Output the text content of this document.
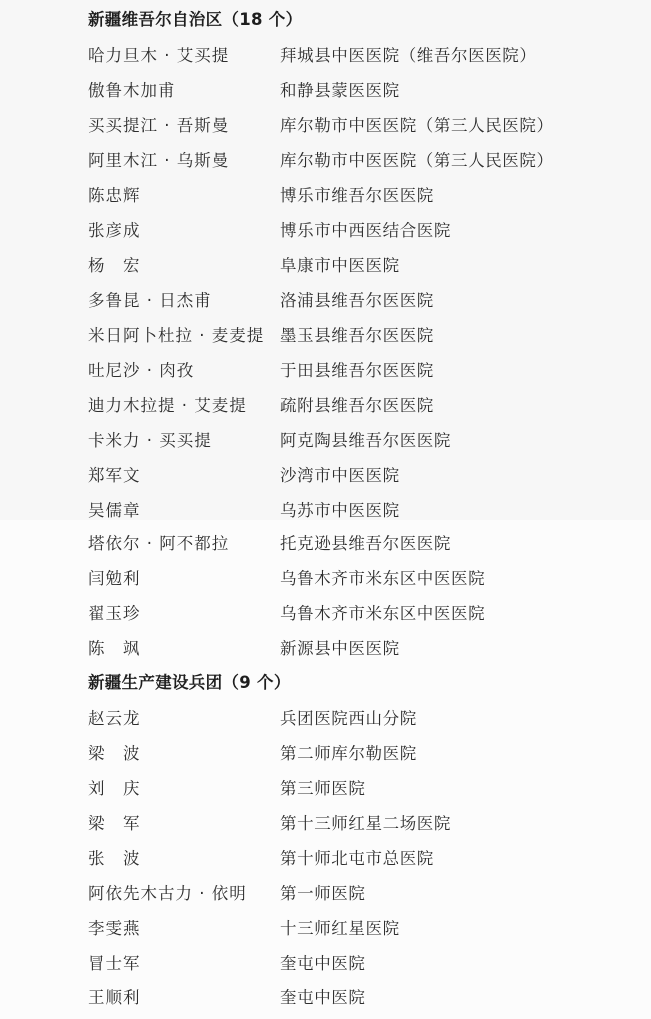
新疆维吾尔自治区（18 个）
哈力旦木 · 艾买提	拜城县中医医院（维吾尔医医院）
傲鲁木加甫	和静县蒙医医院
买买提江 · 吾斯曼	库尔勒市中医医院（第三人民医院）
阿里木江 · 乌斯曼	库尔勒市中医医院（第三人民医院）
陈忠辉	博乐市维吾尔医医院
张彦成	博乐市中西医结合医院
杨　宏	阜康市中医医院
多鲁昆 · 日杰甫	洛浦县维吾尔医医院
米日阿卜杜拉 · 麦麦提 墨玉县维吾尔医医院
吐尼沙 · 肉孜	于田县维吾尔医医院
迪力木拉提 · 艾麦提 疏附县维吾尔医医院
卡米力 · 买买提	阿克陶县维吾尔医医院
郑军文	沙湾市中医医院
吴儒章	乌苏市中医医院
塔依尔 · 阿不都拉	托克逊县维吾尔医医院
闫勉利	乌鲁木齐市米东区中医医院
翟玉珍	乌鲁木齐市米东区中医医院
陈　飒	新源县中医医院
新疆生产建设兵团（9 个）
赵云龙	兵团医院西山分院
梁　波	第二师库尔勒医院
刘　庆	第三师医院
梁　军	第十三师红星二场医院
张　波	第十师北屯市总医院
阿依先木古力 · 依明 第一师医院
李雯燕	十三师红星医院
冒士军	奎屯中医院
王顺利	奎屯中医院
